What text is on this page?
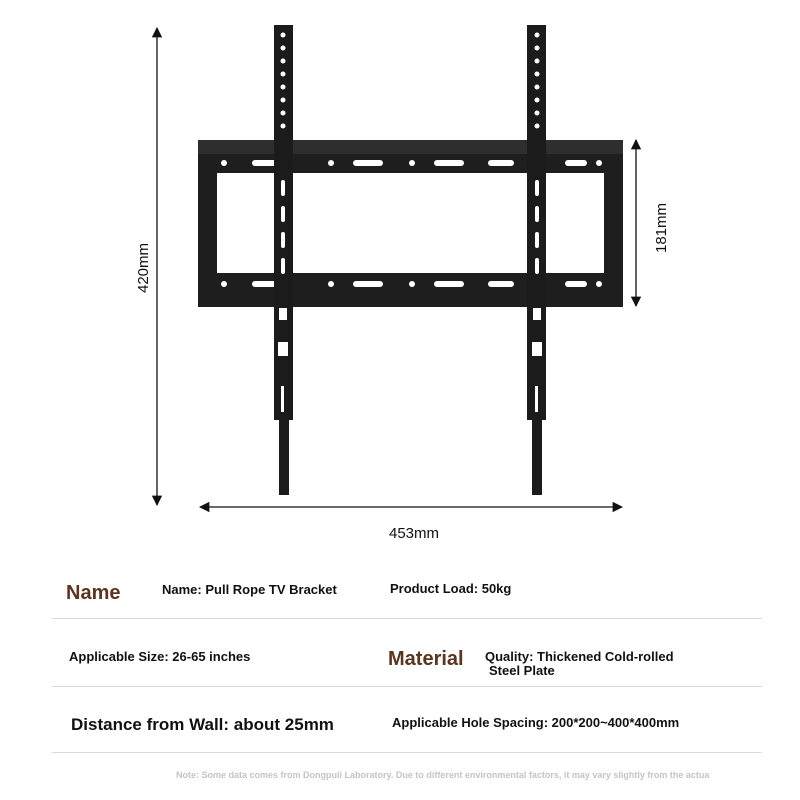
420mm
453mm
181mm
Name	Name: Pull Rope TV Bracket	Product Load: 50kg
Applicable Size: 26-65 inches	Material Quality: Thickened Cold-rolled
Steel Plate
Distance from Wall: about 25mm	Applicable Hole Spacing: 200*200~400*400mm
Note: Some data comes from Dongpuli Laboratory. Due to different environmental factors, it may vary slightly from the actua
